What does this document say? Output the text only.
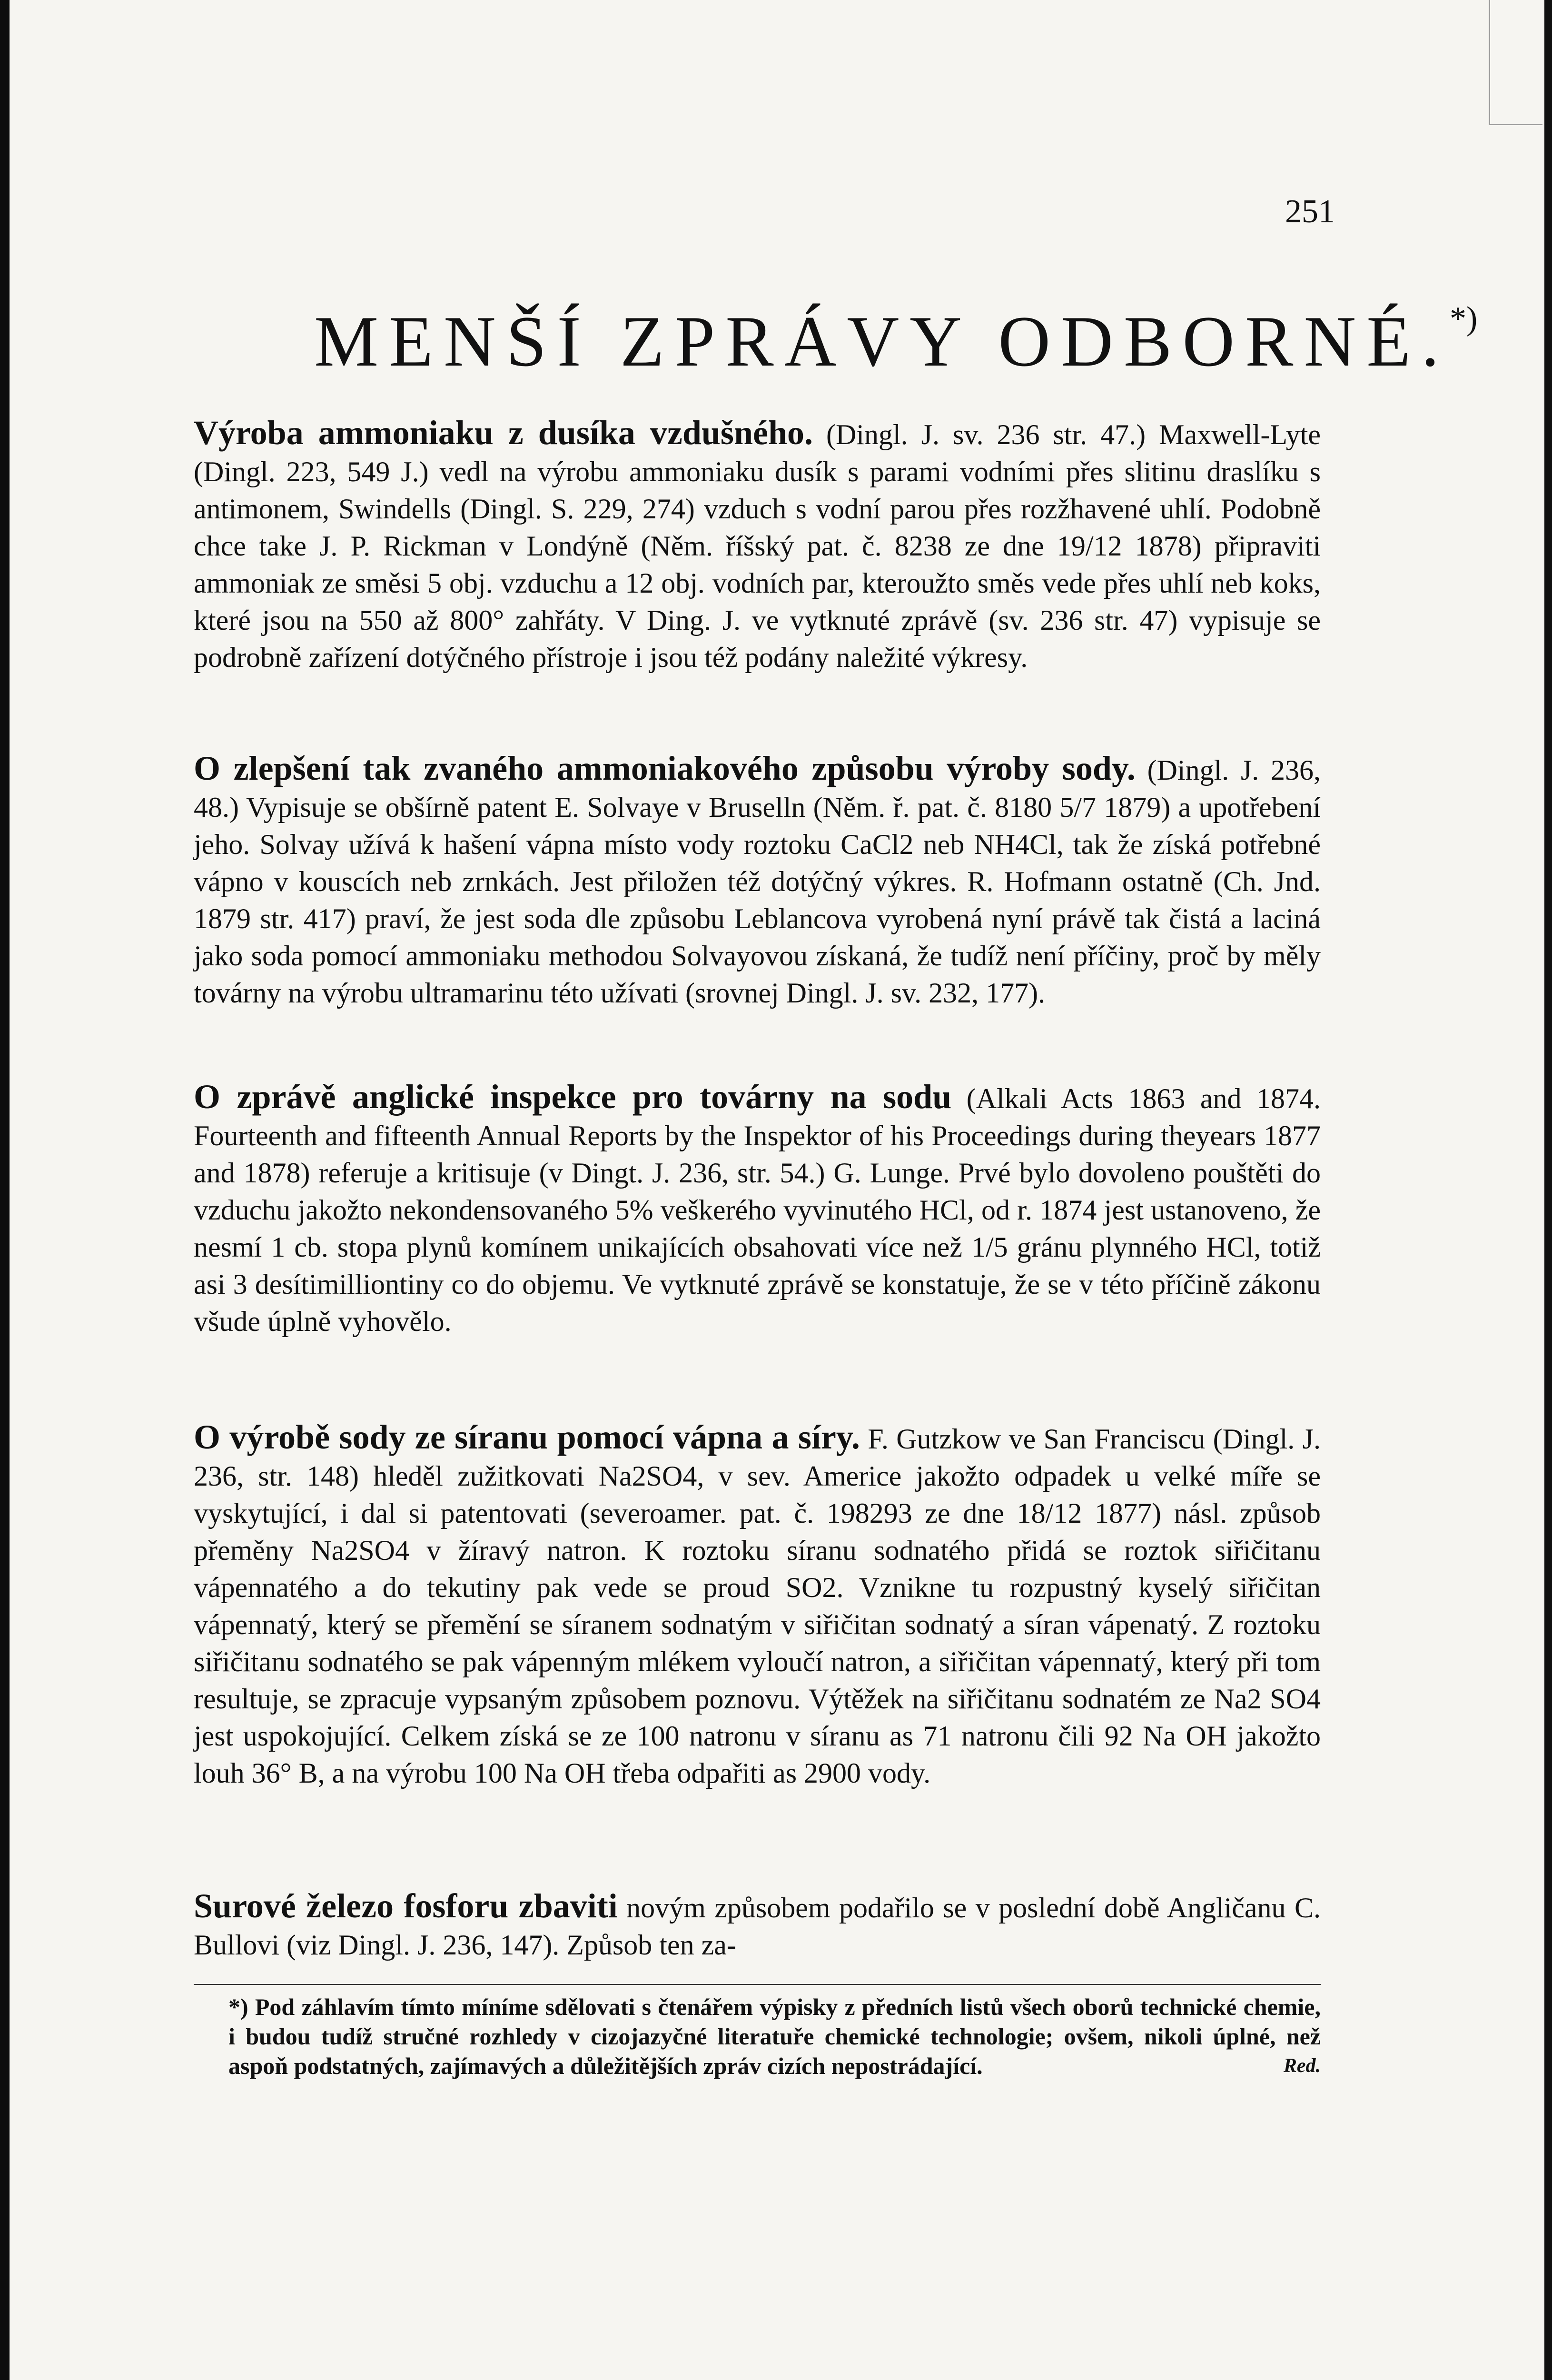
251
MENŠÍ ZPRÁVY ODBORNÉ.*)

Výroba ammoniaku z dusíka vzdušného. (Dingl. J. sv. 236 str. 47.) Maxwell-Lyte (Dingl. 223, 549 J.) vedl na výrobu ammoniaku dusík s parami vodními přes slitinu draslíku s antimonem, Swindells (Dingl. S. 229, 274) vzduch s vodní parou přes rozžhavené uhlí. Podobně chce take J. P. Rickman v Londýně (Něm. říšský pat. č. 8238 ze dne 19/12 1878) připraviti ammoniak ze směsi 5 obj. vzduchu a 12 obj. vodních par, kteroužto směs vede přes uhlí neb koks, které jsou na 550 až 800° zahřáty. V Ding. J. ve vytknuté zprávě (sv. 236 str. 47) vypisuje se podrobně zařízení dotýčného přístroje i jsou též podány naležité výkresy.

O zlepšení tak zvaného ammoniakového způsobu výroby sody. (Dingl. J. 236, 48.) Vypisuje se obšírně patent E. Solvaye v Bruselln (Něm. ř. pat. č. 8180 5/7 1879) a upotřebení jeho. Solvay užívá k hašení vápna místo vody roztoku CaCl2 neb NH4Cl, tak že získá potřebné vápno v kouscích neb zrnkách. Jest přiložen též dotýčný výkres. R. Hofmann ostatně (Ch. Jnd. 1879 str. 417) praví, že jest soda dle způsobu Leblancova vyrobená nyní právě tak čistá a laciná jako soda pomocí ammoniaku methodou Solvayovou získaná, že tudíž není příčiny, proč by měly továrny na výrobu ultramarinu této užívati (srovnej Dingl. J. sv. 232, 177).

O zprávě anglické inspekce pro továrny na sodu (Alkali Acts 1863 and 1874. Fourteenth and fifteenth Annual Reports by the Inspektor of his Proceedings during theyears 1877 and 1878) referuje a kritisuje (v Dingt. J. 236, str. 54.) G. Lunge. Prvé bylo dovoleno pouštěti do vzduchu jakožto nekondensovaného 5% veškerého vyvinutého HCl, od r. 1874 jest ustanoveno, že nesmí 1 cb. stopa plynů komínem unikajících obsahovati více než 1/5 gránu plynného HCl, totiž asi 3 desítimilliontiny co do objemu. Ve vytknuté zprávě se konstatuje, že se v této příčině zákonu všude úplně vyhovělo.

O výrobě sody ze síranu pomocí vápna a síry. F. Gutzkow ve San Franciscu (Dingl. J. 236, str. 148) hleděl zužitkovati Na2SO4, v sev. Americe jakožto odpadek u velké míře se vyskytující, i dal si patentovati (severoamer. pat. č. 198293 ze dne 18/12 1877) násl. způsob přeměny Na2SO4 v žíravý natron. K roztoku síranu sodnatého přidá se roztok siřičitanu vápennatého a do tekutiny pak vede se proud SO2. Vznikne tu rozpustný kyselý siřičitan vápennatý, který se přemění se síranem sodnatým v siřičitan sodnatý a síran vápenatý. Z roztoku siřičitanu sodnatého se pak vápenným mlékem vyloučí natron, a siřičitan vápennatý, který při tom resultuje, se zpracuje vypsaným způsobem poznovu. Výtěžek na siřičitanu sodnatém ze Na2 SO4 jest uspokojující. Celkem získá se ze 100 natronu v síranu as 71 natronu čili 92 Na OH jakožto louh 36° B, a na výrobu 100 Na OH třeba odpařiti as 2900 vody.

Surové železo fosforu zbaviti novým způsobem podařilo se v poslední době Angličanu C. Bullovi (viz Dingl. J. 236, 147). Způsob ten za-

*) Pod záhlavím tímto míníme sdělovati s čtenářem výpisky z předních listů všech oborů technické chemie, i budou tudíž stručné rozhledy v cizojazyčné literatuře chemické technologie; ovšem, nikoli úplné, než aspoň podstatných, zajímavých a důležitějších zpráv cizích nepostrádající.	Red.
